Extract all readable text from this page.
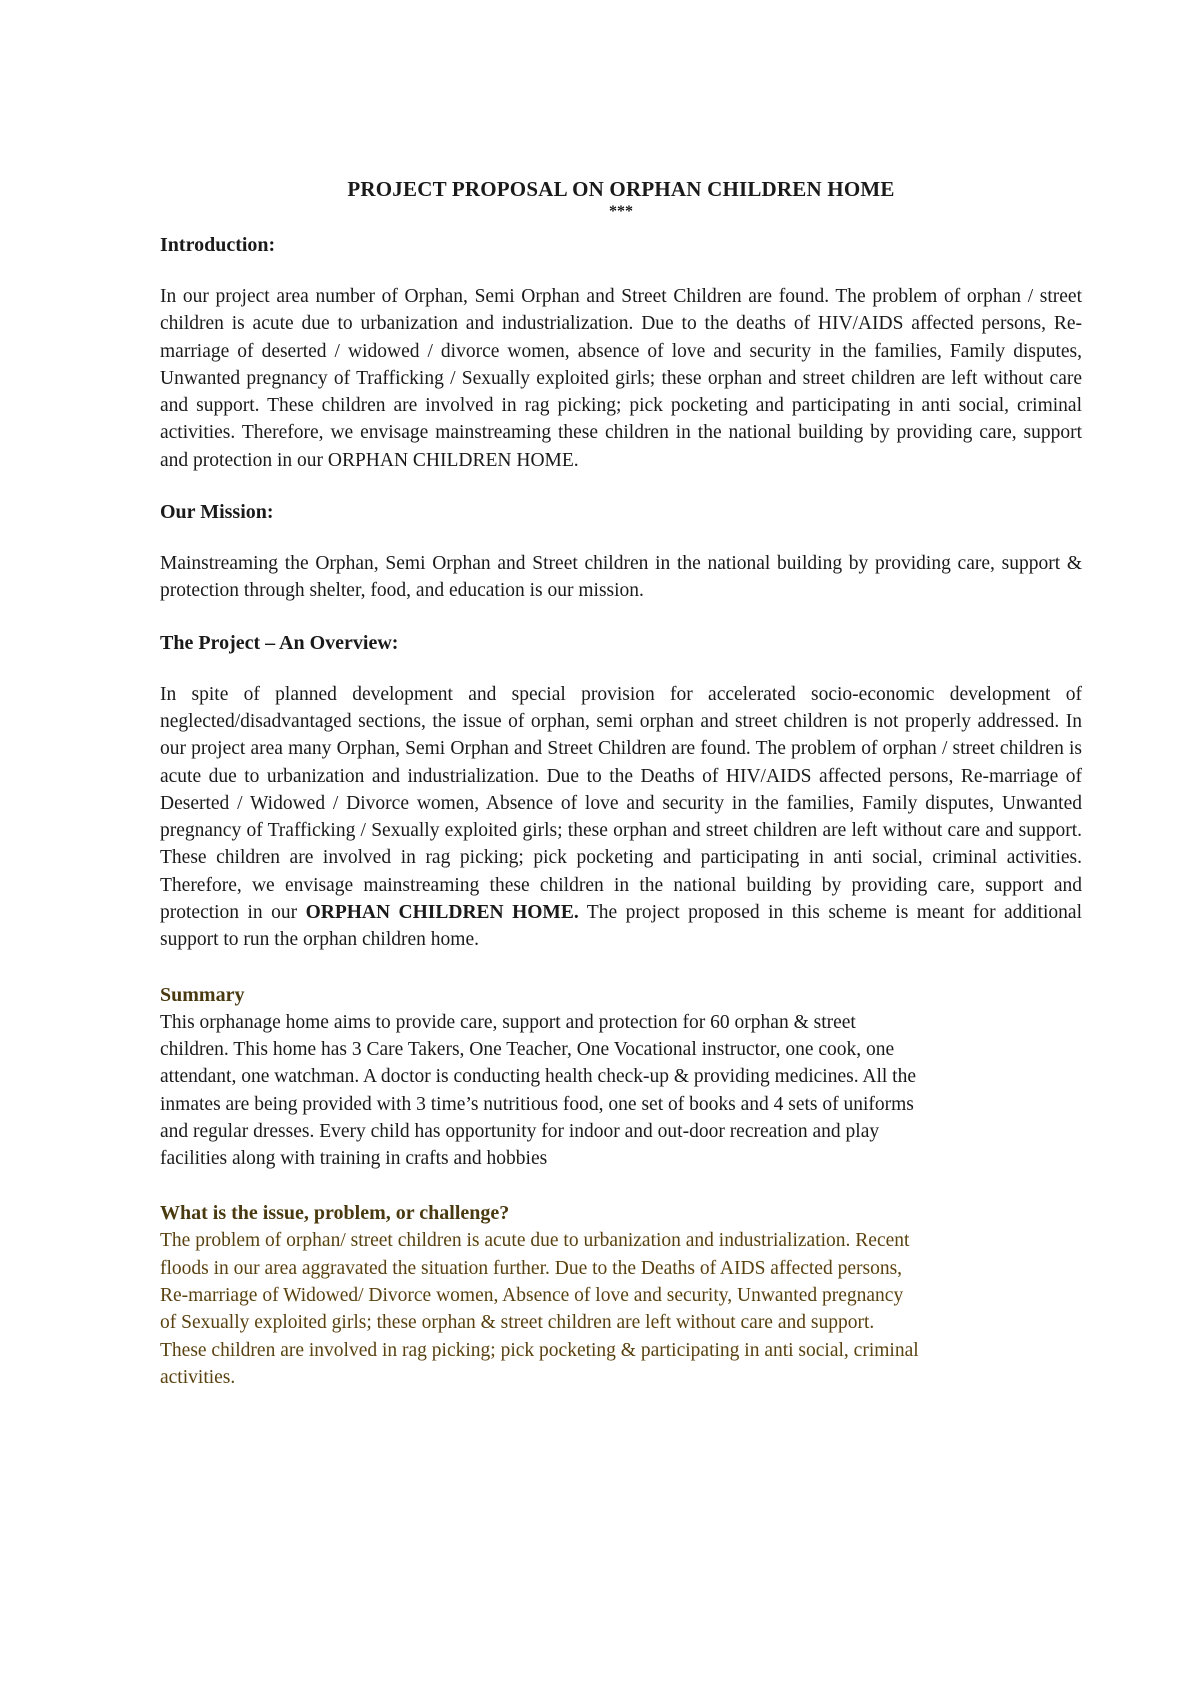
PROJECT PROPOSAL ON ORPHAN CHILDREN HOME

***

Introduction:

In our project area number of Orphan, Semi Orphan and Street Children are found. The problem of orphan / street children is acute due to urbanization and industrialization. Due to the deaths of HIV/AIDS affected persons, Re-marriage of deserted / widowed / divorce women, absence of love and security in the families, Family disputes, Unwanted pregnancy of Trafficking / Sexually exploited girls; these orphan and street children are left without care and support. These children are involved in rag picking; pick pocketing and participating in anti social, criminal activities. Therefore, we envisage mainstreaming these children in the national building by providing care, support and protection in our ORPHAN CHILDREN HOME.

Our Mission:

Mainstreaming the Orphan, Semi Orphan and Street children in the national building by providing care, support & protection through shelter, food, and education is our mission.

The Project – An Overview:

In spite of planned development and special provision for accelerated socio-economic development of neglected/disadvantaged sections, the issue of orphan, semi orphan and street children is not properly addressed. In our project area many Orphan, Semi Orphan and Street Children are found. The problem of orphan / street children is acute due to urbanization and industrialization. Due to the Deaths of HIV/AIDS affected persons, Re-marriage of Deserted / Widowed / Divorce women, Absence of love and security in the families, Family disputes, Unwanted pregnancy of Trafficking / Sexually exploited girls; these orphan and street children are left without care and support. These children are involved in rag picking; pick pocketing and participating in anti social, criminal activities. Therefore, we envisage mainstreaming these children in the national building by providing care, support and protection in our ORPHAN CHILDREN HOME. The project proposed in this scheme is meant for additional support to run the orphan children home.

Summary

This orphanage home aims to provide care, support and protection for 60 orphan & street

children. This home has 3 Care Takers, One Teacher, One Vocational instructor, one cook, one

attendant, one watchman. A doctor is conducting health check-up & providing medicines. All the

inmates are being provided with 3 time’s nutritious food, one set of books and 4 sets of uniforms

and regular dresses. Every child has opportunity for indoor and out-door recreation and play

facilities along with training in crafts and hobbies

What is the issue, problem, or challenge?

The problem of orphan/ street children is acute due to urbanization and industrialization. Recent

floods in our area aggravated the situation further. Due to the Deaths of AIDS affected persons,

Re-marriage of Widowed/ Divorce women, Absence of love and security, Unwanted pregnancy

of Sexually exploited girls; these orphan & street children are left without care and support.

These children are involved in rag picking; pick pocketing & participating in anti social, criminal

activities.
